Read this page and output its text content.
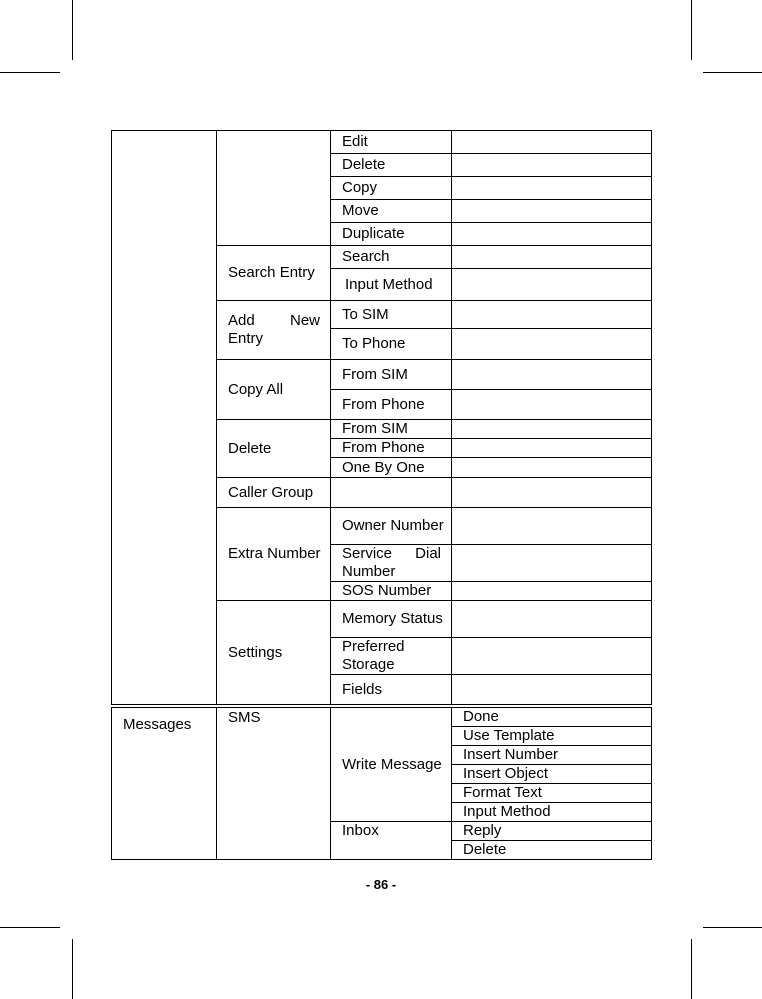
		Edit	
		Delete	
		Copy	
		Move	
		Duplicate	
	Search Entry	Search	
		Input Method	
	Add New Entry	To SIM	
		To Phone	
	Copy All	From SIM	
		From Phone	
	Delete	From SIM	
		From Phone	
		One By One	
	Caller Group		
	Extra Number	Owner Number	
		Service Dial Number	
		SOS Number	
	Settings	Memory Status	
		Preferred Storage	
		Fields	
Messages	SMS	Write Message	Done
			Use Template
			Insert Number
			Insert Object
			Format Text
			Input Method
		Inbox	Reply
			Delete
- 86 -
